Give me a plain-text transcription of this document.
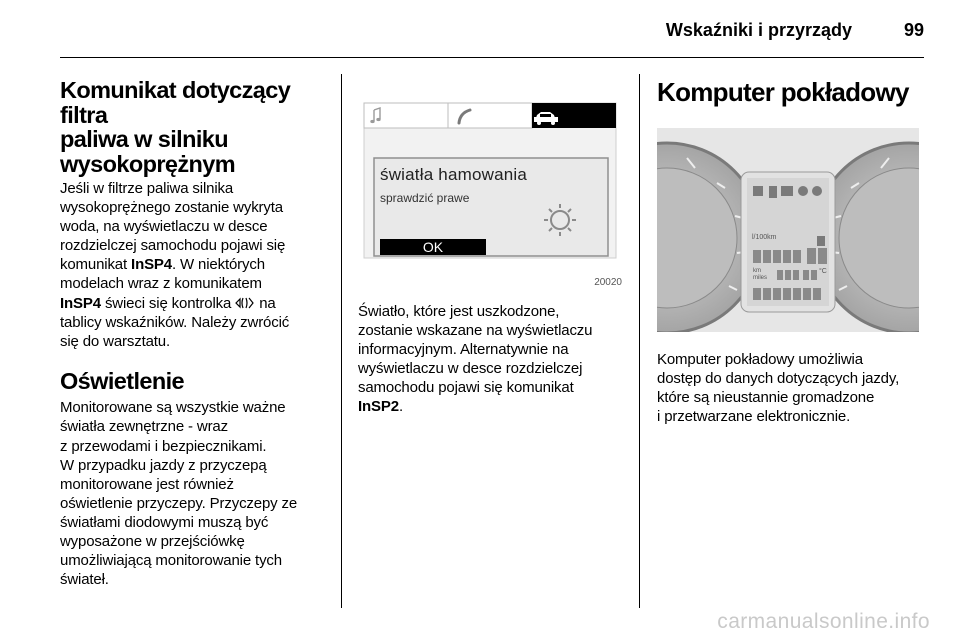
Wskaźniki i przyrządy	99
Komunikat dotyczący filtra
paliwa w silniku
wysokoprężnym

Jeśli w filtrze paliwa silnika
wysokoprężnego zostanie wykryta
woda, na wyświetlaczu w desce
rozdzielczej samochodu pojawi się
komunikat InSP4. W niektórych
modelach wraz z komunikatem
InSP4 świeci się kontrolka  na
tablicy wskaźników. Należy zwrócić
się do warsztatu.

Oświetlenie

Monitorowane są wszystkie ważne
światła zewnętrzne - wraz
z przewodami i bezpiecznikami.
W przypadku jazdy z przyczepą
monitorowane jest również
oświetlenie przyczepy. Przyczepy ze
światłami diodowymi muszą być
wyposażone w przejściówkę
umożliwiającą monitorowanie tych
świateł.

światła hamowania
sprawdzić prawe
OK
20020

Światło, które jest uszkodzone,
zostanie wskazane na wyświetlaczu
informacyjnym. Alternatywnie na
wyświetlaczu w desce rozdzielczej
samochodu pojawi się komunikat
InSP2.

Komputer pokładowy
l/100km
km
miles
°C

Komputer pokładowy umożliwia
dostęp do danych dotyczących jazdy,
które są nieustannie gromadzone
i przetwarzane elektronicznie.

carmanualsonline.info
